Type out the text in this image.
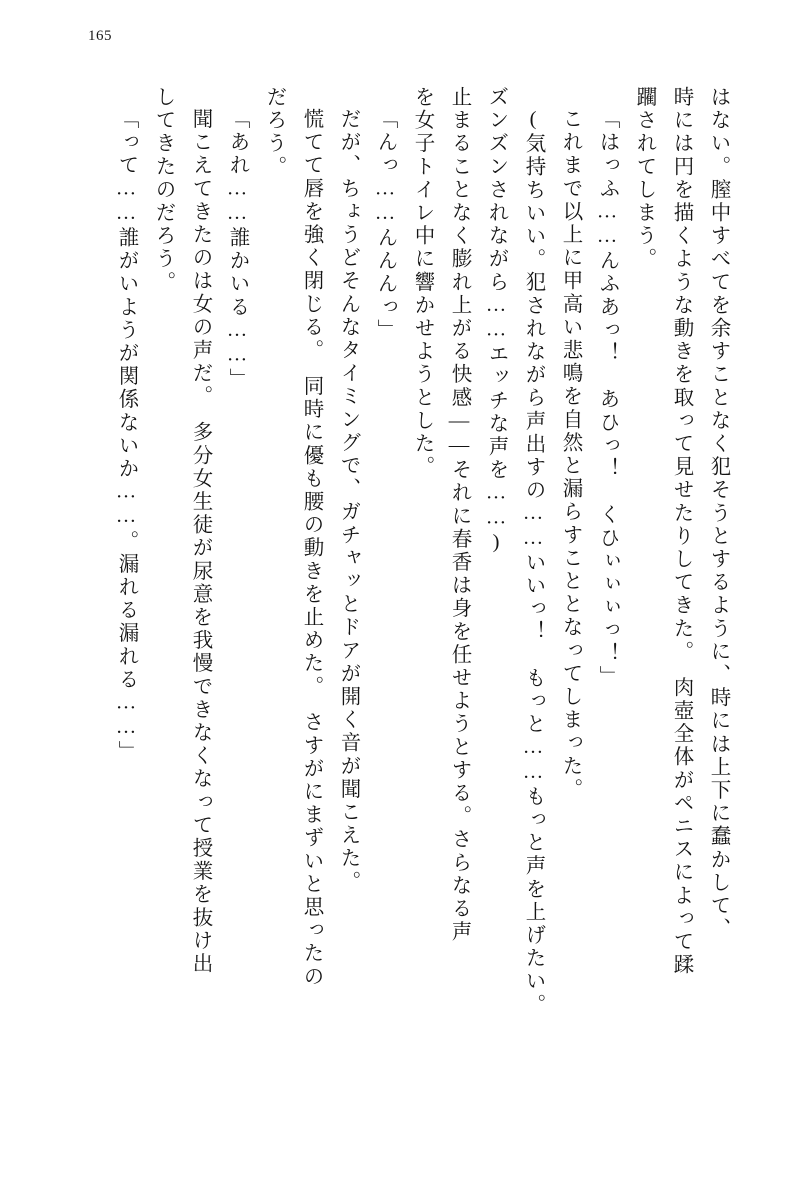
165
はない。膣中すべてを余すことなく犯そうとするように、時には上下に蠢かして、
時には円を描くような動きを取って見せたりしてきた。　肉壺全体がペニスによって蹂
躙されてしまう。
「はっふ……んふあっ！　あひっ！　くひぃぃぃっ！」
これまで以上に甲高い悲鳴を自然と漏らすこととなってしまった。
(気持ちいい。犯されながら声出すの……いいっ！　もっと……もっと声を上げたい。
ズンズンされながら……エッチな声を……)
止まることなく膨れ上がる快感――それに春香は身を任せようとする。さらなる声
を女子トイレ中に響かせようとした。
「んっ……んんんっ」
だが、ちょうどそんなタイミングで、ガチャッとドアが開く音が聞こえた。
慌てて唇を強く閉じる。　同時に優も腰の動きを止めた。　さすがにまずいと思ったの
だろう。
「あれ……誰かいる……」
聞こえてきたのは女の声だ。　多分女生徒が尿意を我慢できなくなって授業を抜け出
してきたのだろう。
「って……誰がいようが関係ないか……。漏れる漏れる……」
